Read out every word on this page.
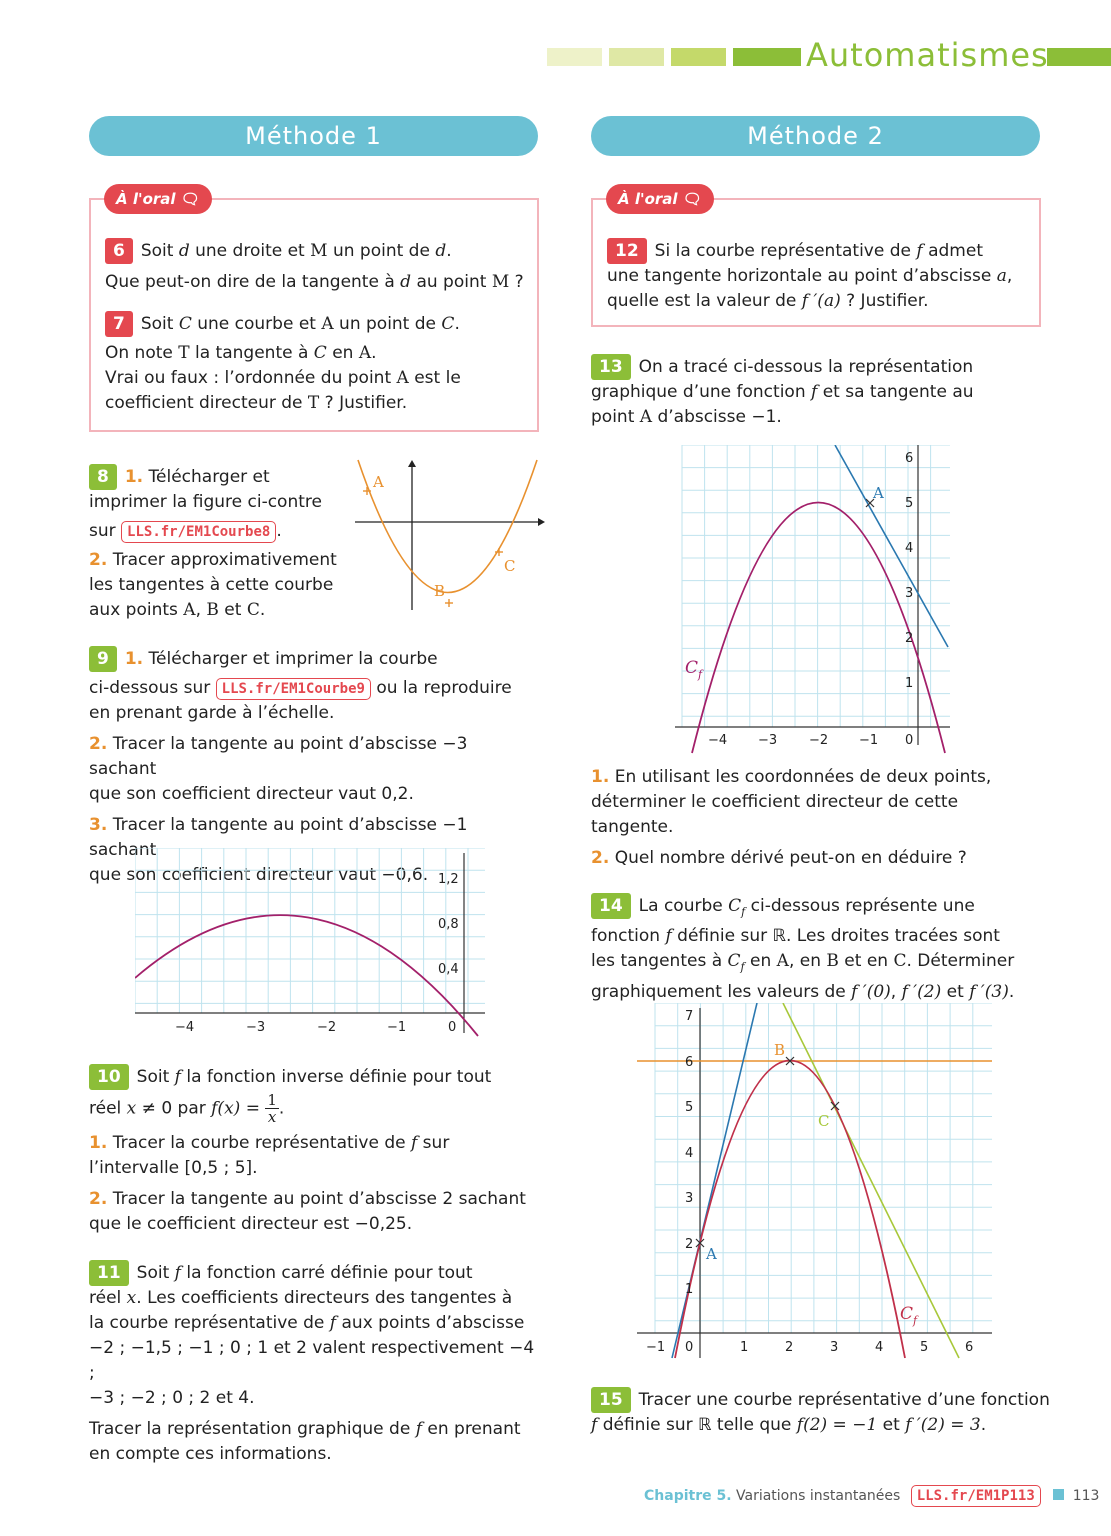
Automatismes
Méthode 1	Méthode 2
À l'oral 🗨
6 Soit d une droite et M un point de d.
Que peut-on dire de la tangente à d au point M ?
7 Soit C une courbe et A un point de C.
On note T la tangente à C en A.
Vrai ou faux : l’ordonnée du point A est le
coefficient directeur de T ? Justifier.
8 1. Télécharger et
imprimer la figure ci-contre
sur LLS.fr/EM1Courbe8 .
2. Tracer approximativement
les tangentes à cette courbe
aux points A, B et C.
A
B
C
9 1. Télécharger et imprimer la courbe
ci-dessous sur LLS.fr/EM1Courbe9 ou la reproduire
en prenant garde à l’échelle.
2. Tracer la tangente au point d’abscisse −3 sachant
que son coefficient directeur vaut 0,2.
3. Tracer la tangente au point d’abscisse −1 sachant
que son coefficient directeur vaut −0,6.
−4	−3	−2	−1	0
0,4
0,8
1,2
10 Soit f la fonction inverse définie pour tout
réel x ≠ 0 par $f(x) = \frac{1}{x}$ .
1. Tracer la courbe représentative de f sur
l’intervalle [0,5 ; 5].
2. Tracer la tangente au point d’abscisse 2 sachant
que le coefficient directeur est −0,25.
11 Soit f la fonction carré définie pour tout
réel x. Les coefficients directeurs des tangentes à
la courbe représentative de f aux points d’abscisse
−2 ; −1,5 ; −1 ; 0 ; 1 et 2 valent respectivement −4 ;
−3 ; −2 ; 0 ; 2 et 4.
Tracer la représentation graphique de f en prenant
en compte ces informations.
À l'oral 🗨
12 Si la courbe représentative de f admet
une tangente horizontale au point d’abscisse a,
quelle est la valeur de f ′(a) ? Justifier.
13 On a tracé ci-dessous la représentation
graphique d’une fonction f et sa tangente au
point A d’abscisse −1.
A
$C_f$
−4 −3 −2 −1 0
1
2
3
4
5
6
1. En utilisant les coordonnées de deux points,
déterminer le coefficient directeur de cette
tangente.
2. Quel nombre dérivé peut-on en déduire ?
14 La courbe $C_f$ ci-dessous représente une
fonction f définie sur ℝ. Les droites tracées sont
les tangentes à $C_f$ en A, en B et en C. Déterminer
graphiquement les valeurs de f ′(0), f ′(2) et f ′(3).
A
B
C
$C_f$
−1 0	1	2	3	4	5	6
1
2
3
4
5
6
7
15 Tracer une courbe représentative d’une fonction
f définie sur ℝ telle que f(2) = −1 et f ′(2) = 3.
Chapitre 5. Variations instantanées LLS.fr/EM1P113	113
